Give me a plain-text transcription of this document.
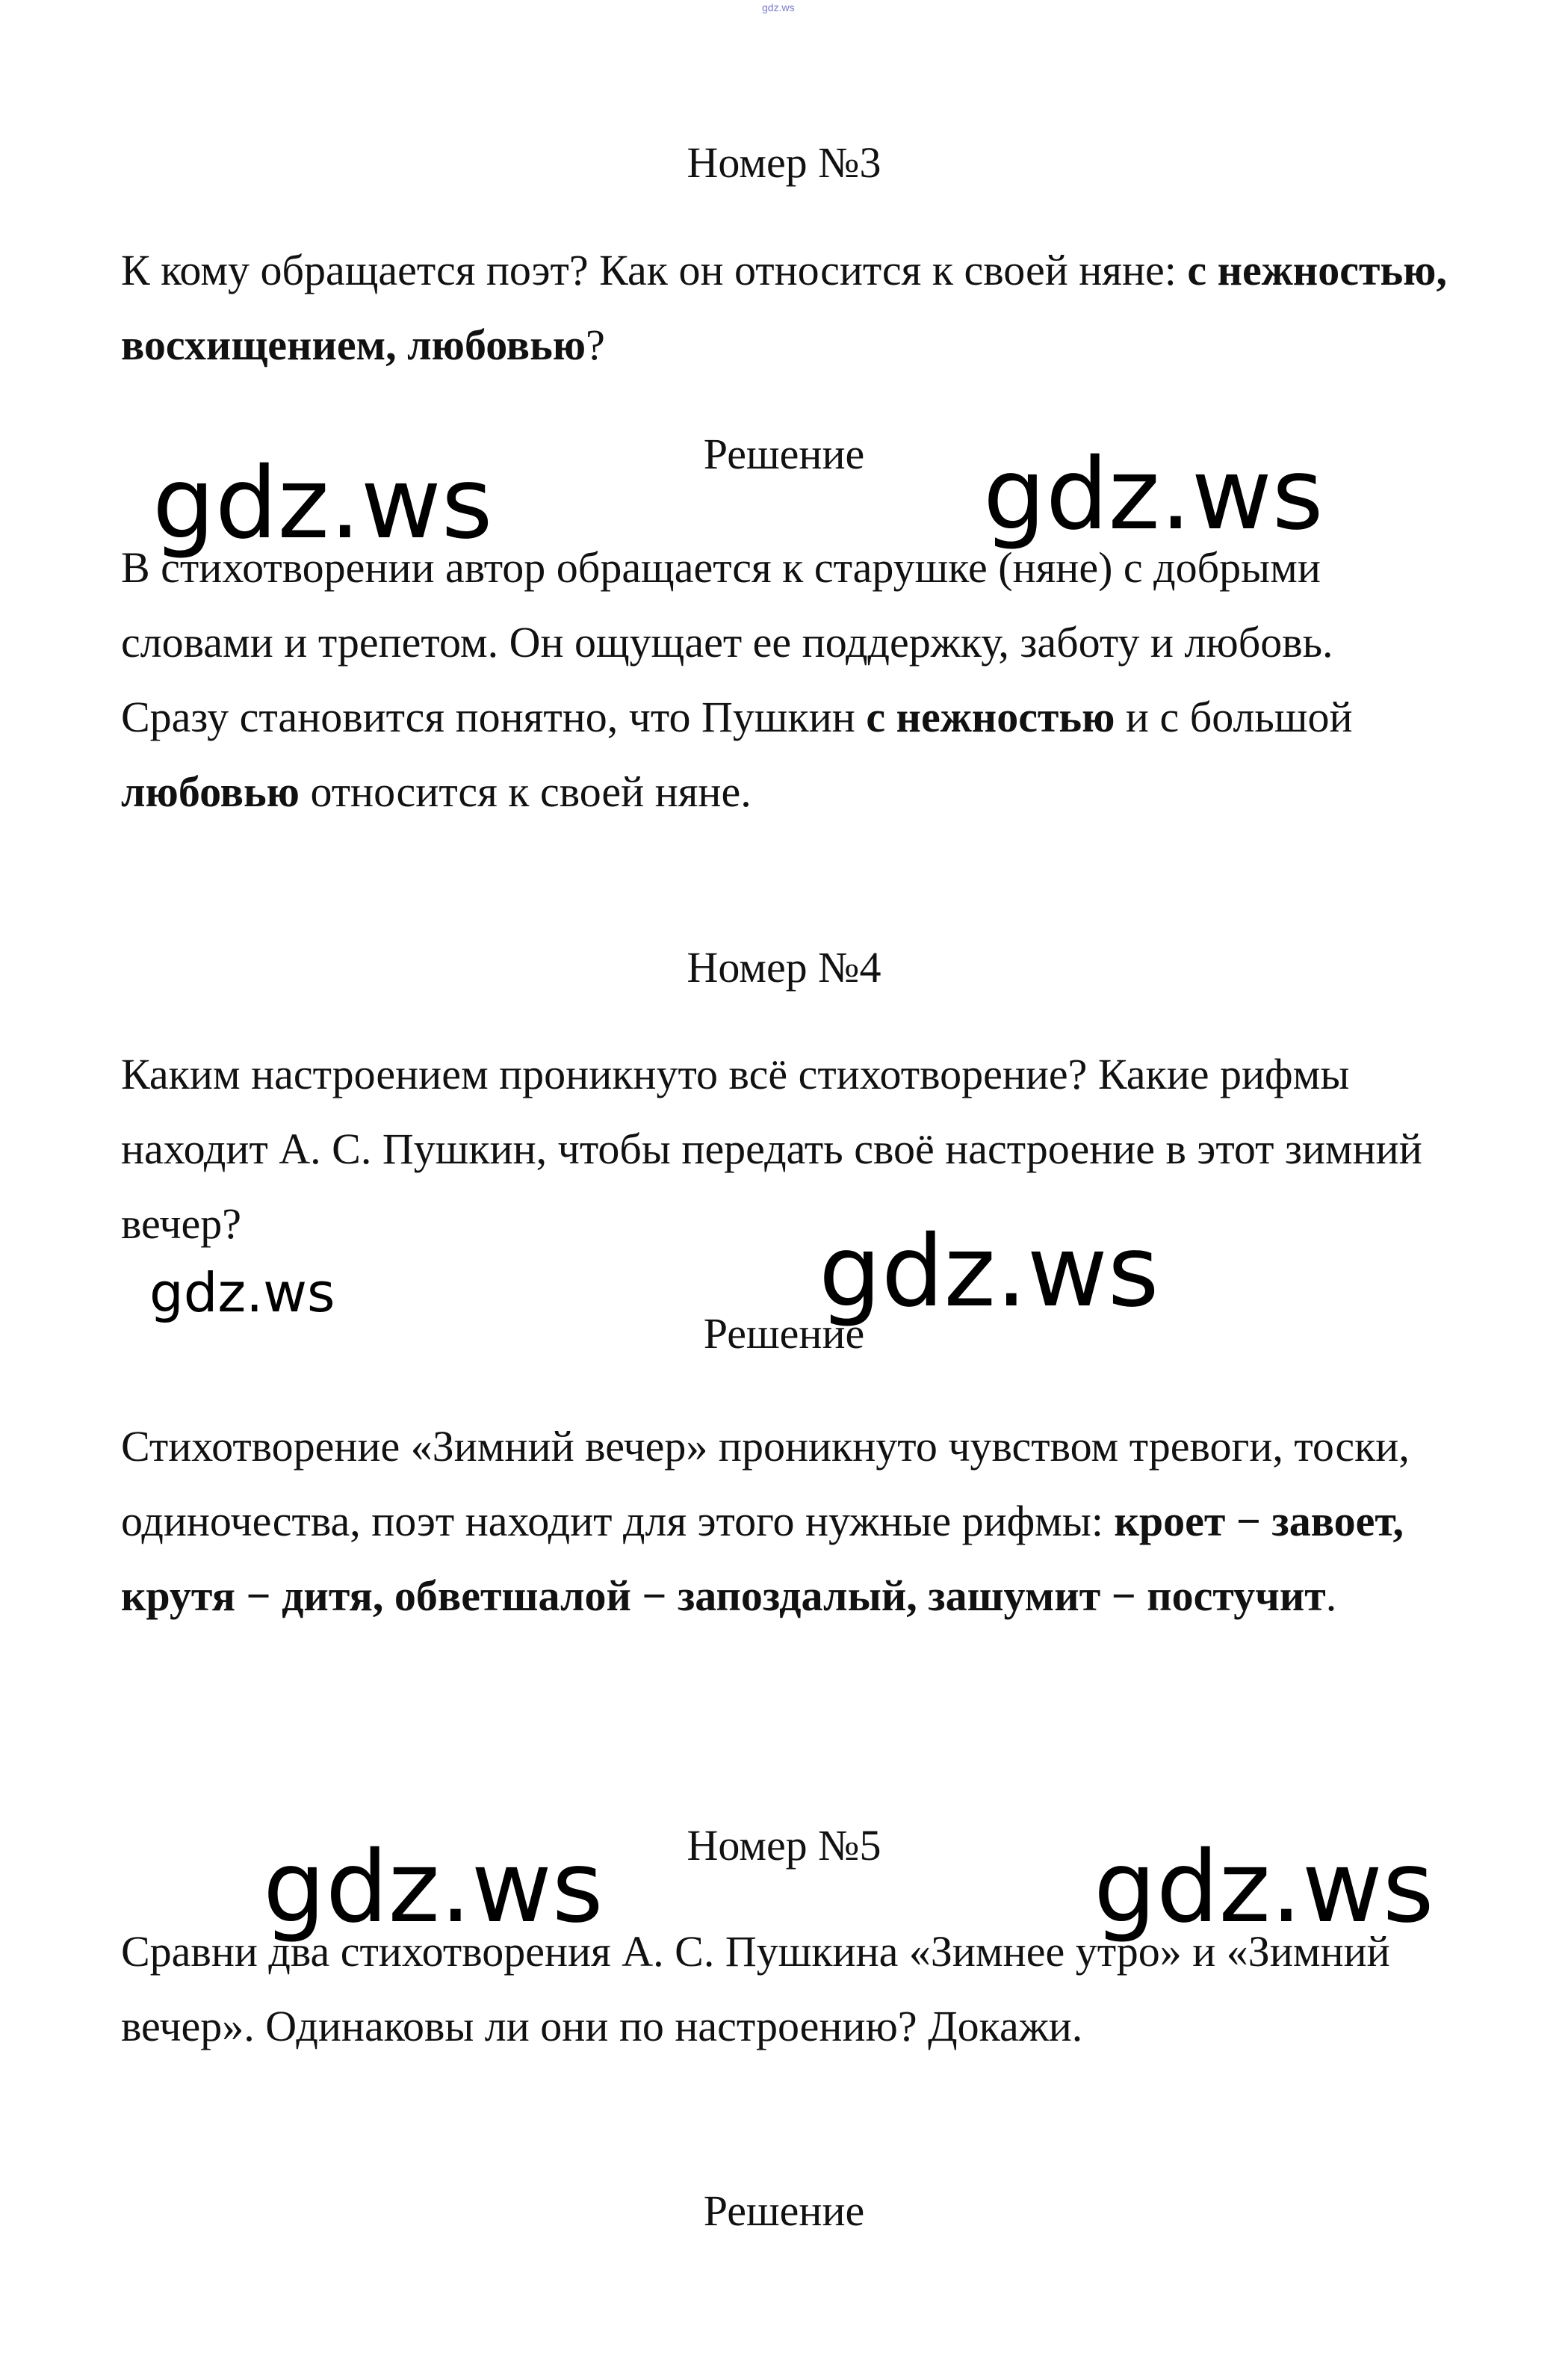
gdz.ws
Номер №3
К кому обращается поэт? Как он относится к своей няне: с нежностью, восхищением, любовью?
Решение
В стихотворении автор обращается к старушке (няне) с добрыми словами и трепетом. Он ощущает ее поддержку, заботу и любовь. Сразу становится понятно, что Пушкин с нежностью и с большой любовью относится к своей няне.
Номер №4
Каким настроением проникнуто всё стихотворение? Какие рифмы находит А. С. Пушкин, чтобы передать своё настроение в этот зимний вечер?
Решение
Стихотворение «Зимний вечер» проникнуто чувством тревоги, тоски, одиночества, поэт находит для этого нужные рифмы: кроет − завоет, крутя − дитя, обветшалой − запоздалый, зашумит − постучит.
Номер №5
Сравни два стихотворения А. С. Пушкина «Зимнее утро» и «Зимний вечер». Одинаковы ли они по настроению? Докажи.
Решение
gdz.ws	gdz.ws
gdz.ws
gdz.ws
gdz.ws	gdz.ws
